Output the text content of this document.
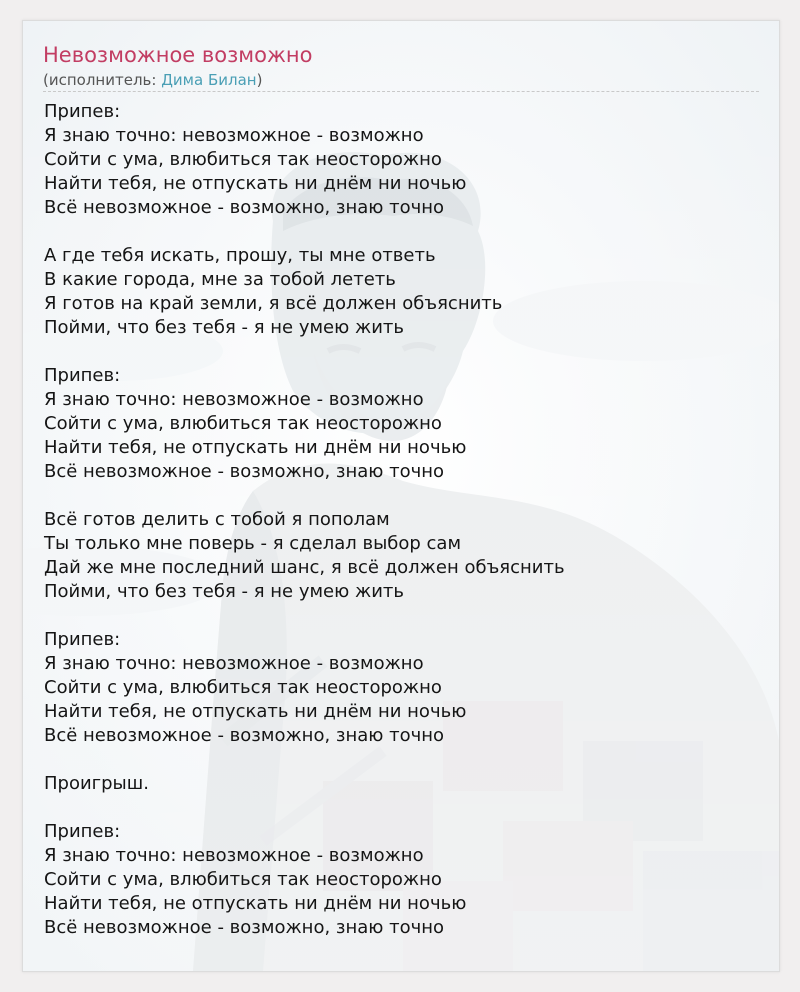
Невозможное возможно
(исполнитель: Дима Билан)
Припев:
Я знаю точно: невозможное - возможно
Сойти с ума, влюбиться так неосторожно
Найти тебя, не отпускать ни днём ни ночью
Всё невозможное - возможно, знаю точно
А где тебя искать, прошу, ты мне ответь
В какие города, мне за тобой лететь
Я готов на край земли, я всё должен объяснить
Пойми, что без тебя - я не умею жить
Припев:
Я знаю точно: невозможное - возможно
Сойти с ума, влюбиться так неосторожно
Найти тебя, не отпускать ни днём ни ночью
Всё невозможное - возможно, знаю точно
Всё готов делить с тобой я пополам
Ты только мне поверь - я сделал выбор сам
Дай же мне последний шанс, я всё должен объяснить
Пойми, что без тебя - я не умею жить
Припев:
Я знаю точно: невозможное - возможно
Сойти с ума, влюбиться так неосторожно
Найти тебя, не отпускать ни днём ни ночью
Всё невозможное - возможно, знаю точно
Проигрыш.
Припев:
Я знаю точно: невозможное - возможно
Сойти с ума, влюбиться так неосторожно
Найти тебя, не отпускать ни днём ни ночью
Всё невозможное - возможно, знаю точно
